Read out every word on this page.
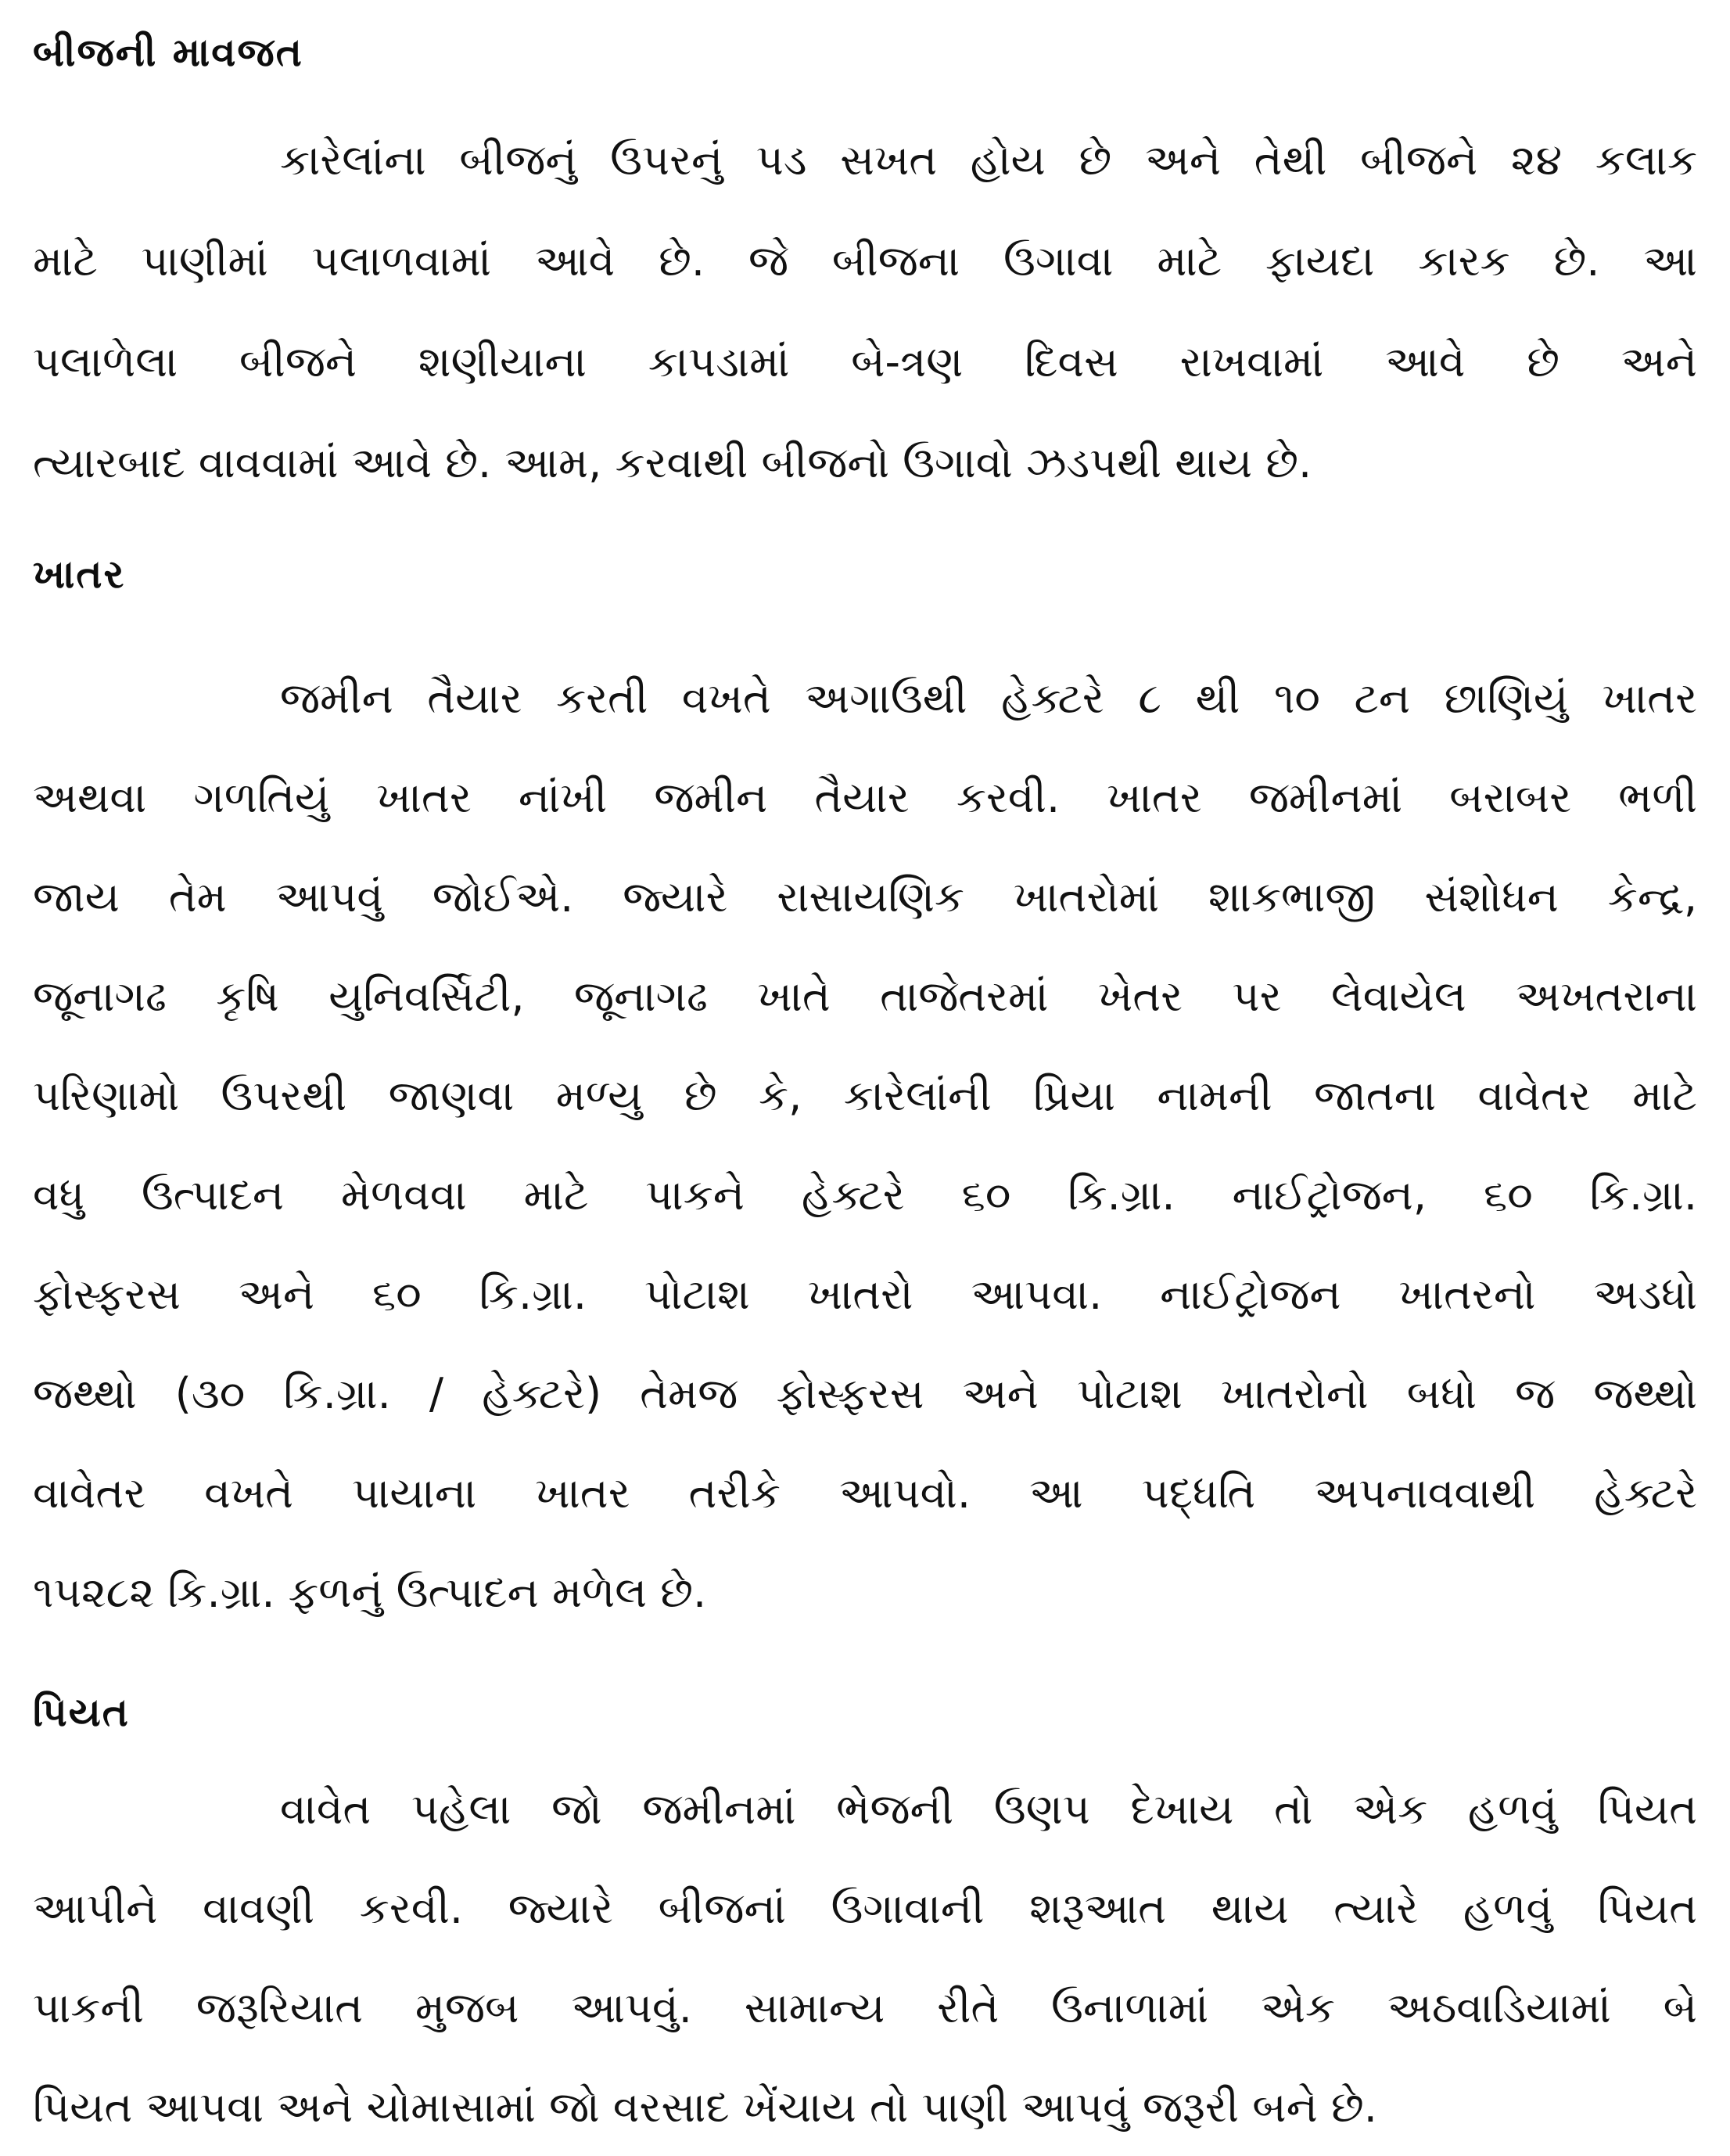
બીજની માવજત
કારેલાંના બીજનું ઉપરનું પડ સખત હોય છે અને તેથી બીજને ૨૪ કલાક
માટે પાણીમાં પલાળવામાં આવે છે. જે બીજના ઉગાવા માટે ફાયદા કારક છે. આ
પલાળેલા બીજને શણીયાના કાપડામાં બે-ત્રણ દિવસ રાખવામાં આવે છે અને
ત્યારબાદ વાવવામાં આવે છે. આમ, કરવાથી બીજનો ઉગાવો ઝડપથી થાય છે.
ખાતર
જમીન તૈયાર કરતી વખતે અગાઉથી હેક્ટરે ૮ થી ૧૦ ટન છાણિયું ખાતર
અથવા ગળતિયું ખાતર નાંખી જમીન તૈયાર કરવી. ખાતર જમીનમાં બરાબર ભળી
જાય તેમ આપવું જોઈએ. જ્યારે રાસાયણિક ખાતરોમાં શાકભાજી સંશોધન કેન્દ્ર,
જૂનાગઢ કૃષિ યુનિવર્સિટી, જૂનાગઢ ખાતે તાજેતરમાં ખેતર પર લેવાયેલ અખતરાના
પરિણામો ઉપરથી જાણવા મળ્યુ છે કે, કારેલાંની પ્રિયા નામની જાતના વાવેતર માટે
વધુ ઉત્પાદન મેળવવા માટે પાકને હેક્ટરે ૬૦ કિ.ગ્રા. નાઈટ્રોજન, ૬૦ કિ.ગ્રા.
ફોસ્ફરસ અને ૬૦ કિ.ગ્રા. પોટાશ ખાતરો આપવા. નાઈટ્રોજન ખાતરનો અડધો
જથ્થો (૩૦ કિ.ગ્રા. / હેક્ટરે) તેમજ ફોસ્ફરસ અને પોટાશ ખાતરોનો બધો જ જથ્થો
વાવેતર વખતે પાયાના ખાતર તરીકે આપવો. આ પદ્ધતિ અપનાવવાથી હેક્ટરે
૧૫૨૮૨ કિ.ગ્રા. ફળનું ઉત્પાદન મળેલ છે.
પિયત
વાવેત પહેલા જો જમીનમાં ભેજની ઉણપ દેખાય તો એક હળવું પિયત
આપીને વાવણી કરવી. જ્યારે બીજનાં ઉગાવાની શરૂઆત થાય ત્યારે હળવું પિયત
પાકની જરૂરિયાત મુજબ આપવું. સામાન્ય રીતે ઉનાળામાં એક અઠવાડિયામાં બે
પિયત આપવા અને ચોમાસામાં જો વરસાદ ખેંચાય તો પાણી આપવું જરૂરી બને છે.
